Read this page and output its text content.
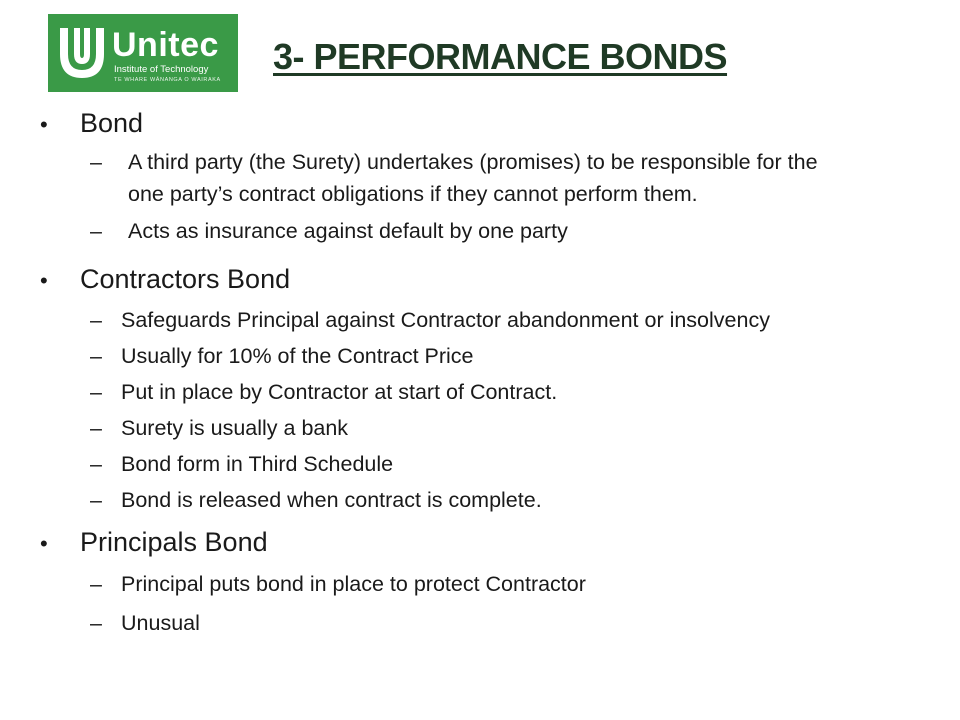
Unitec
Institute of Technology
TE WHARE WĀNANGA O WAIRAKA
3- PERFORMANCE BONDS
•	Bond
– A third party (the Surety) undertakes (promises) to be responsible for the
one party’s contract obligations if they cannot perform them.
– Acts as insurance against default by one party
•	Contractors Bond
– Safeguards Principal against Contractor abandonment or insolvency
– Usually for 10% of the Contract Price
– Put in place by Contractor at start of Contract.
– Surety is usually a bank
– Bond form in Third Schedule
– Bond is released when contract is complete.
•	Principals Bond
– Principal puts bond in place to protect Contractor
– Unusual
